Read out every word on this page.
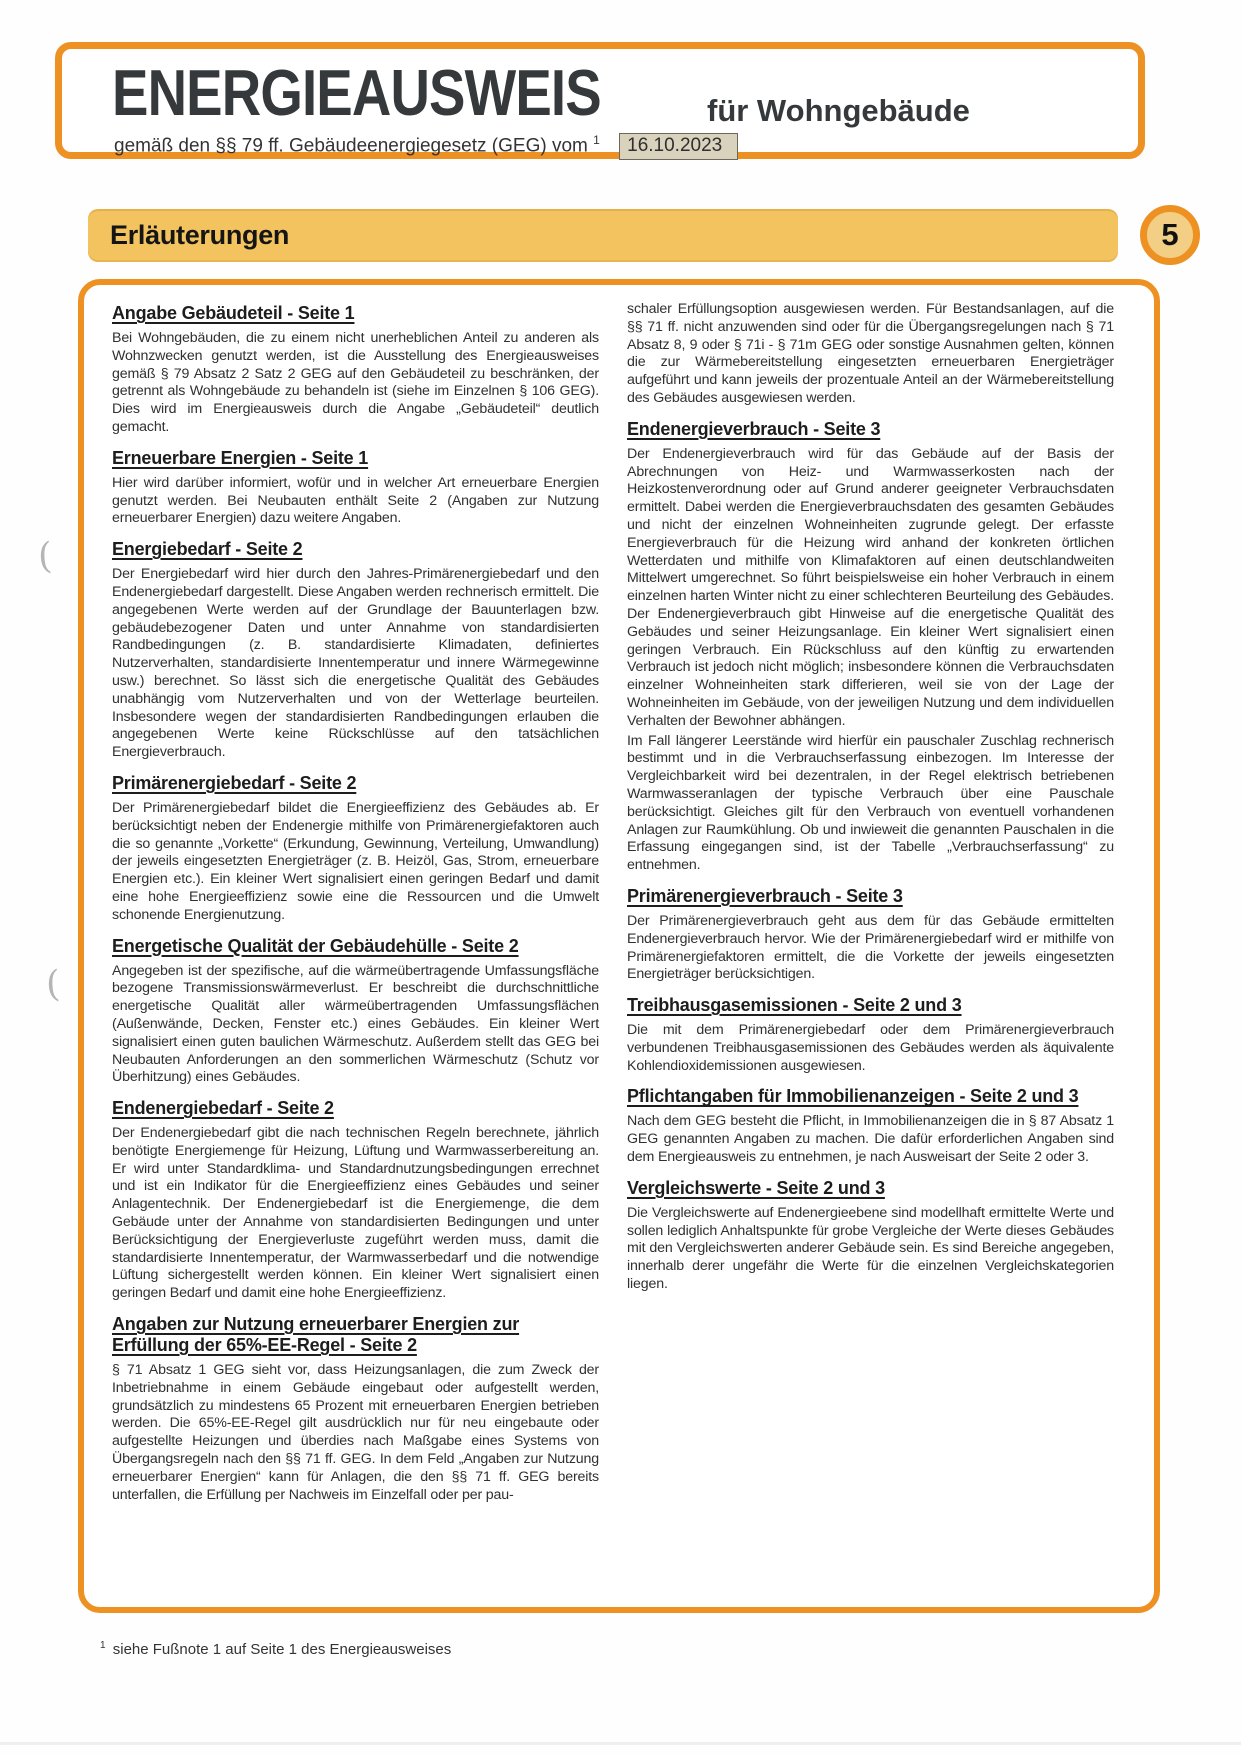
ENERGIEAUSWEIS	für Wohngebäude
gemäß den §§ 79 ff. Gebäudeenergiegesetz (GEG) vom $^1$ 16.10.2023
Erläuterungen	5
Angabe Gebäudeteil - Seite 1

Bei Wohngebäuden, die zu einem nicht unerheblichen Anteil zu anderen als Wohnzwecken genutzt werden, ist die Ausstellung des Energieausweises gemäß § 79 Absatz 2 Satz 2 GEG auf den Gebäudeteil zu beschränken, der getrennt als Wohngebäude zu behandeln ist (siehe im Einzelnen § 106 GEG). Dies wird im Energieausweis durch die Angabe „Gebäudeteil“ deutlich gemacht.

Erneuerbare Energien - Seite 1

Hier wird darüber informiert, wofür und in welcher Art erneuerbare Energien genutzt werden. Bei Neubauten enthält Seite 2 (Angaben zur Nutzung erneuerbarer Energien) dazu weitere Angaben.

Energiebedarf - Seite 2

Der Energiebedarf wird hier durch den Jahres-Primärenergiebedarf und den Endenergiebedarf dargestellt. Diese Angaben werden rechnerisch ermittelt. Die angegebenen Werte werden auf der Grundlage der Bauunterlagen bzw. gebäudebezogener Daten und unter Annahme von standardisierten Randbedingungen (z. B. standardisierte Klimadaten, definiertes Nutzerverhalten, standardisierte Innentemperatur und innere Wärmegewinne usw.) berechnet. So lässt sich die energetische Qualität des Gebäudes unabhängig vom Nutzerverhalten und von der Wetterlage beurteilen. Insbesondere wegen der standardisierten Randbedingungen erlauben die angegebenen Werte keine Rückschlüsse auf den tatsächlichen Energieverbrauch.

Primärenergiebedarf - Seite 2

Der Primärenergiebedarf bildet die Energieeffizienz des Gebäudes ab. Er berücksichtigt neben der Endenergie mithilfe von Primärenergiefaktoren auch die so genannte „Vorkette“ (Erkundung, Gewinnung, Verteilung, Umwandlung) der jeweils eingesetzten Energieträger (z. B. Heizöl, Gas, Strom, erneuerbare Energien etc.). Ein kleiner Wert signalisiert einen geringen Bedarf und damit eine hohe Energieeffizienz sowie eine die Ressourcen und die Umwelt schonende Energienutzung.

Energetische Qualität der Gebäudehülle - Seite 2

Angegeben ist der spezifische, auf die wärmeübertragende Umfassungsfläche bezogene Transmissionswärmeverlust. Er beschreibt die durchschnittliche energetische Qualität aller wärmeübertragenden Umfassungsflächen (Außenwände, Decken, Fenster etc.) eines Gebäudes. Ein kleiner Wert signalisiert einen guten baulichen Wärmeschutz. Außerdem stellt das GEG bei Neubauten Anforderungen an den sommerlichen Wärmeschutz (Schutz vor Überhitzung) eines Gebäudes.

Endenergiebedarf - Seite 2

Der Endenergiebedarf gibt die nach technischen Regeln berechnete, jährlich benötigte Energiemenge für Heizung, Lüftung und Warmwasserbereitung an. Er wird unter Standardklima- und Standardnutzungsbedingungen errechnet und ist ein Indikator für die Energieeffizienz eines Gebäudes und seiner Anlagentechnik. Der Endenergiebedarf ist die Energiemenge, die dem Gebäude unter der Annahme von standardisierten Bedingungen und unter Berücksichtigung der Energieverluste zugeführt werden muss, damit die standardisierte Innentemperatur, der Warmwasserbedarf und die notwendige Lüftung sichergestellt werden können. Ein kleiner Wert signalisiert einen geringen Bedarf und damit eine hohe Energieeffizienz.

Angaben zur Nutzung erneuerbarer Energien zur Erfüllung der 65%-EE-Regel - Seite 2

§ 71 Absatz 1 GEG sieht vor, dass Heizungsanlagen, die zum Zweck der Inbetriebnahme in einem Gebäude eingebaut oder aufgestellt werden, grundsätzlich zu mindestens 65 Prozent mit erneuerbaren Energien betrieben werden. Die 65%-EE-Regel gilt ausdrücklich nur für neu eingebaute oder aufgestellte Heizungen und überdies nach Maßgabe eines Systems von Übergangsregeln nach den §§ 71 ff. GEG. In dem Feld „Angaben zur Nutzung erneuerbarer Energien“ kann für Anlagen, die den §§ 71 ff. GEG bereits unterfallen, die Erfüllung per Nachweis im Einzelfall oder per pau-

schaler Erfüllungsoption ausgewiesen werden. Für Bestandsanlagen, auf die §§ 71 ff. nicht anzuwenden sind oder für die Übergangsregelungen nach § 71 Absatz 8, 9 oder § 71i - § 71m GEG oder sonstige Ausnahmen gelten, können die zur Wärmebereitstellung eingesetzten erneuerbaren Energieträger aufgeführt und kann jeweils der prozentuale Anteil an der Wärmebereitstellung des Gebäudes ausgewiesen werden.

Endenergieverbrauch - Seite 3

Der Endenergieverbrauch wird für das Gebäude auf der Basis der Abrechnungen von Heiz- und Warmwasserkosten nach der Heizkostenverordnung oder auf Grund anderer geeigneter Verbrauchsdaten ermittelt. Dabei werden die Energieverbrauchsdaten des gesamten Gebäudes und nicht der einzelnen Wohneinheiten zugrunde gelegt. Der erfasste Energieverbrauch für die Heizung wird anhand der konkreten örtlichen Wetterdaten und mithilfe von Klimafaktoren auf einen deutschlandweiten Mittelwert umgerechnet. So führt beispielsweise ein hoher Verbrauch in einem einzelnen harten Winter nicht zu einer schlechteren Beurteilung des Gebäudes. Der Endenergieverbrauch gibt Hinweise auf die energetische Qualität des Gebäudes und seiner Heizungsanlage. Ein kleiner Wert signalisiert einen geringen Verbrauch. Ein Rückschluss auf den künftig zu erwartenden Verbrauch ist jedoch nicht möglich; insbesondere können die Verbrauchsdaten einzelner Wohneinheiten stark differieren, weil sie von der Lage der Wohneinheiten im Gebäude, von der jeweiligen Nutzung und dem individuellen Verhalten der Bewohner abhängen.

Im Fall längerer Leerstände wird hierfür ein pauschaler Zuschlag rechnerisch bestimmt und in die Verbrauchserfassung einbezogen. Im Interesse der Vergleichbarkeit wird bei dezentralen, in der Regel elektrisch betriebenen Warmwasseranlagen der typische Verbrauch über eine Pauschale berücksichtigt. Gleiches gilt für den Verbrauch von eventuell vorhandenen Anlagen zur Raumkühlung. Ob und inwieweit die genannten Pauschalen in die Erfassung eingegangen sind, ist der Tabelle „Verbrauchserfassung“ zu entnehmen.

Primärenergieverbrauch - Seite 3

Der Primärenergieverbrauch geht aus dem für das Gebäude ermittelten Endenergieverbrauch hervor. Wie der Primärenergiebedarf wird er mithilfe von Primärenergiefaktoren ermittelt, die die Vorkette der jeweils eingesetzten Energieträger berücksichtigen.

Treibhausgasemissionen - Seite 2 und 3

Die mit dem Primärenergiebedarf oder dem Primärenergieverbrauch verbundenen Treibhausgasemissionen des Gebäudes werden als äquivalente Kohlendioxidemissionen ausgewiesen.

Pflichtangaben für Immobilienanzeigen - Seite 2 und 3

Nach dem GEG besteht die Pflicht, in Immobilienanzeigen die in § 87 Absatz 1 GEG genannten Angaben zu machen. Die dafür erforderlichen Angaben sind dem Energieausweis zu entnehmen, je nach Ausweisart der Seite 2 oder 3.

Vergleichswerte - Seite 2 und 3

Die Vergleichswerte auf Endenergieebene sind modellhaft ermittelte Werte und sollen lediglich Anhaltspunkte für grobe Vergleiche der Werte dieses Gebäudes mit den Vergleichswerten anderer Gebäude sein. Es sind Bereiche angegeben, innerhalb derer ungefähr die Werte für die einzelnen Vergleichskategorien liegen.

$^1$ siehe Fußnote 1 auf Seite 1 des Energieausweises
(
(
